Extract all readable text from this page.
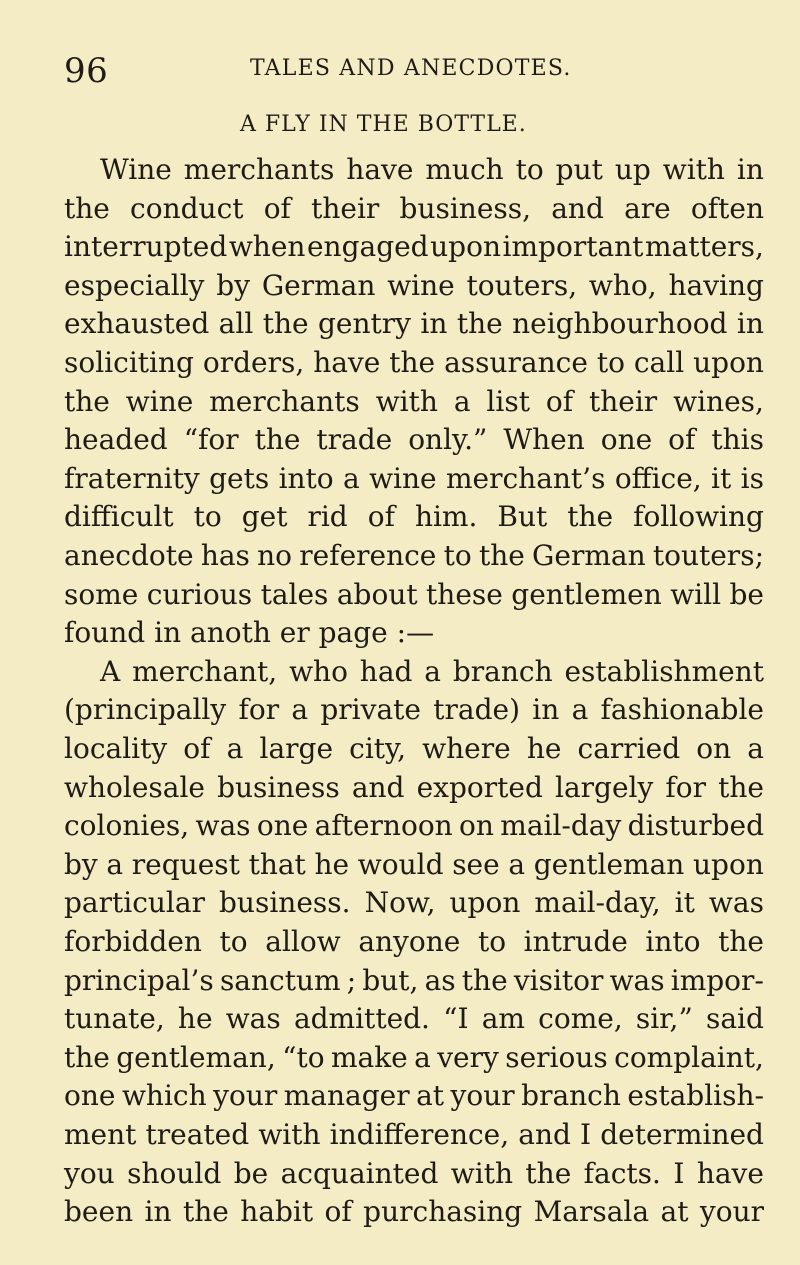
96	TALES AND ANECDOTES.
A FLY IN THE BOTTLE.
Wine merchants have much to put up with in
the conduct of their business, and are often
interrupted when engaged upon important matters,
especially by German wine touters, who, having
exhausted all the gentry in the neighbourhood in
soliciting orders, have the assurance to call upon
the wine merchants with a list of their wines,
headed “for the trade only.” When one of this
fraternity gets into a wine merchant’s office, it is
difficult to get rid of him. But the following
anecdote has no reference to the German touters;
some curious tales about these gentlemen will be
found in anoth er page :—
A merchant, who had a branch establishment
(principally for a private trade) in a fashionable
locality of a large city, where he carried on a
wholesale business and exported largely for the
colonies, was one afternoon on mail-day disturbed
by a request that he would see a gentleman upon
particular business. Now, upon mail-day, it was
forbidden to allow anyone to intrude into the
principal’s sanctum ; but, as the visitor was impor-
tunate, he was admitted. “I am come, sir,” said
the gentleman, “to make a very serious complaint,
one which your manager at your branch establish-
ment treated with indifference, and I determined
you should be acquainted with the facts. I have
been in the habit of purchasing Marsala at your
